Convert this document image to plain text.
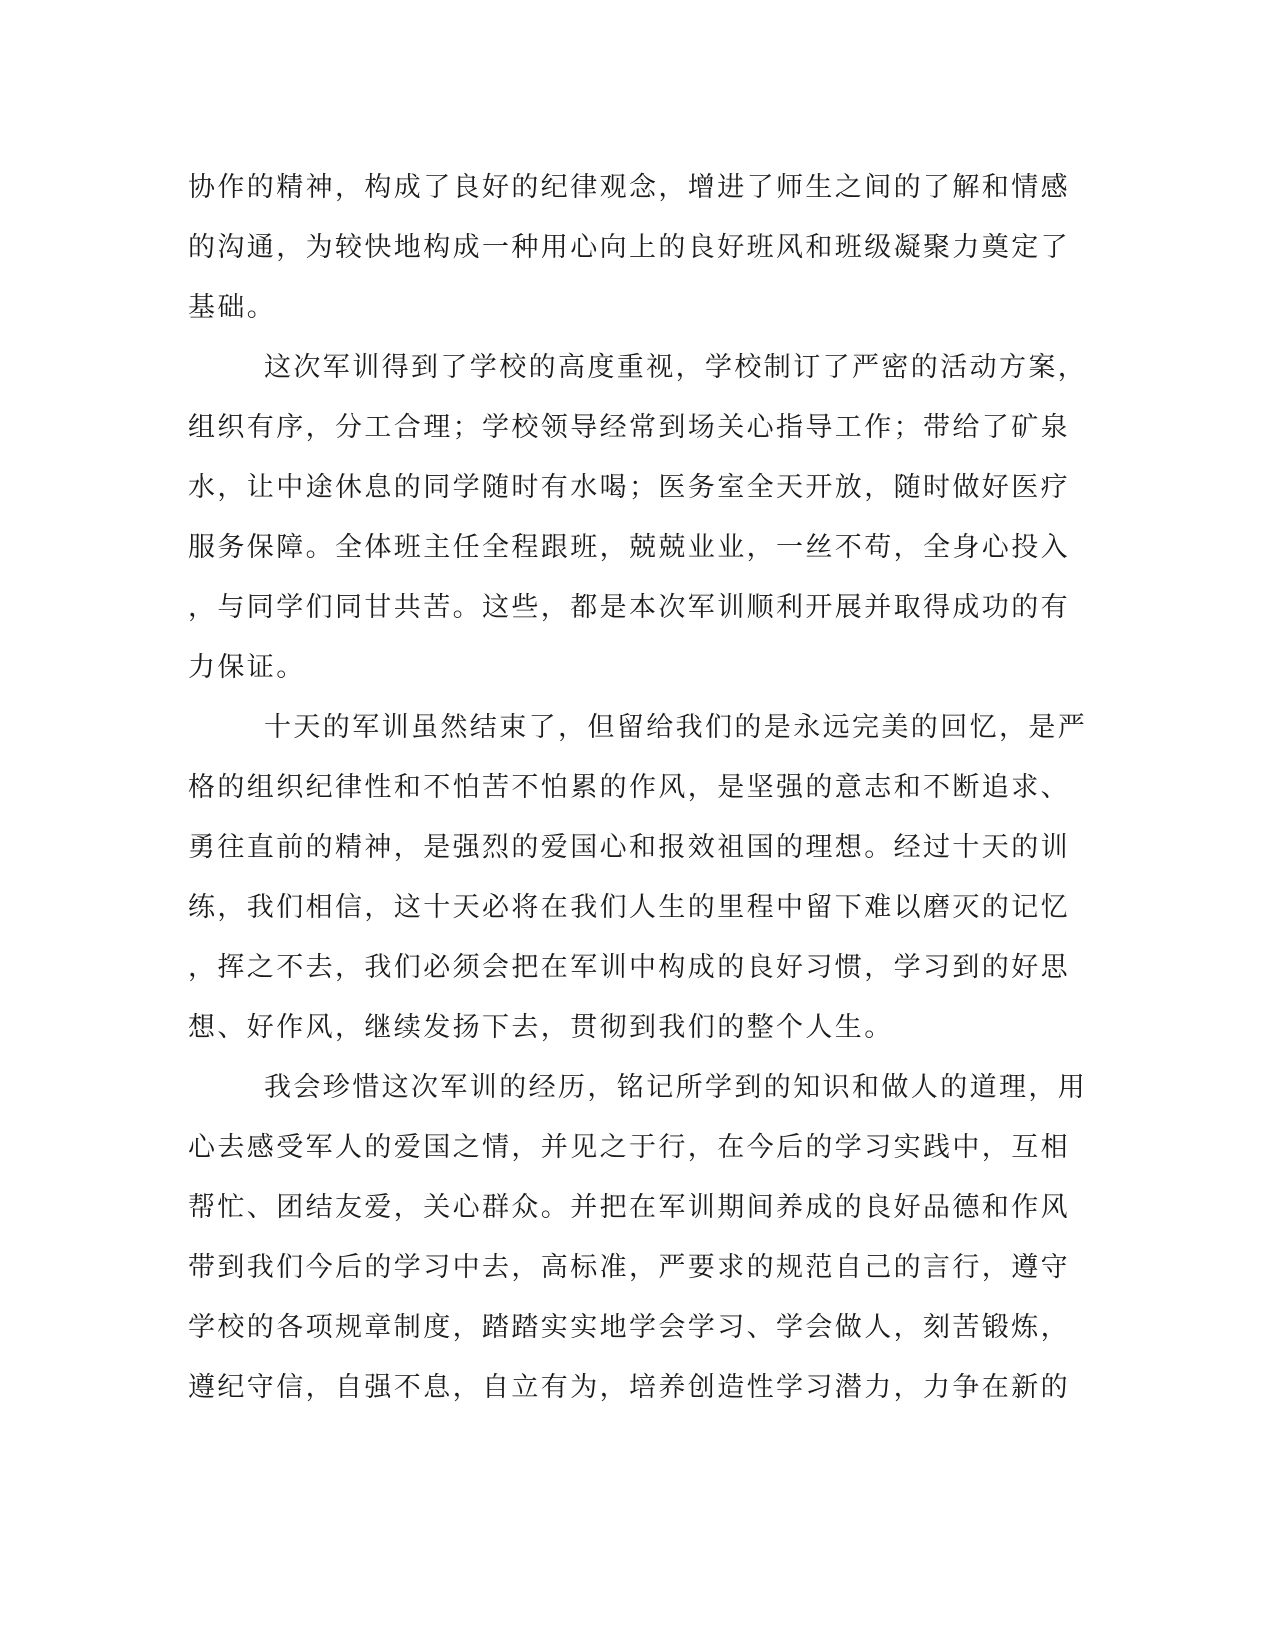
协作的精神，构成了良好的纪律观念，增进了师生之间的了解和情感
的沟通，为较快地构成一种用心向上的良好班风和班级凝聚力奠定了
基础。
这次军训得到了学校的高度重视，学校制订了严密的活动方案，
组织有序，分工合理；学校领导经常到场关心指导工作；带给了矿泉
水，让中途休息的同学随时有水喝；医务室全天开放，随时做好医疗
服务保障。全体班主任全程跟班，兢兢业业，一丝不苟，全身心投入
，与同学们同甘共苦。这些，都是本次军训顺利开展并取得成功的有
力保证。
十天的军训虽然结束了，但留给我们的是永远完美的回忆，是严
格的组织纪律性和不怕苦不怕累的作风，是坚强的意志和不断追求、
勇往直前的精神，是强烈的爱国心和报效祖国的理想。经过十天的训
练，我们相信，这十天必将在我们人生的里程中留下难以磨灭的记忆
，挥之不去，我们必须会把在军训中构成的良好习惯，学习到的好思
想、好作风，继续发扬下去，贯彻到我们的整个人生。
我会珍惜这次军训的经历，铭记所学到的知识和做人的道理，用
心去感受军人的爱国之情，并见之于行，在今后的学习实践中，互相
帮忙、团结友爱，关心群众。并把在军训期间养成的良好品德和作风
带到我们今后的学习中去，高标准，严要求的规范自己的言行，遵守
学校的各项规章制度，踏踏实实地学会学习、学会做人，刻苦锻炼，
遵纪守信，自强不息，自立有为，培养创造性学习潜力，力争在新的
